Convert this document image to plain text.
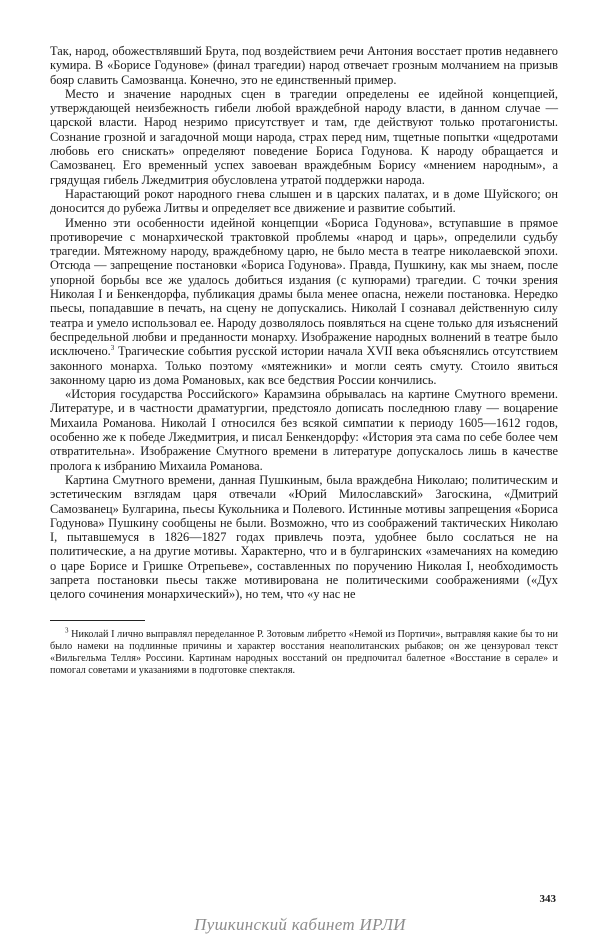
Так, народ, обожествлявший Брута, под воздействием речи Антония восстает против недавнего кумира. В «Борисе Годунове» (финал трагедии) народ отвечает грозным молчанием на призыв бояр славить Самозванца. Конечно, это не единственный пример.

Место и значение народных сцен в трагедии определены ее идейной концепцией, утверждающей неизбежность гибели любой враждебной народу власти, в данном случае — царской власти. Народ незримо присутствует и там, где действуют только протагонисты. Сознание грозной и загадочной мощи народа, страх перед ним, тщетные попытки «щедротами любовь его снискать» определяют поведение Бориса Годунова. К народу обращается и Самозванец. Его временный успех завоеван враждебным Борису «мнением народным», а грядущая гибель Лжедмитрия обусловлена утратой поддержки народа.

Нарастающий рокот народного гнева слышен и в царских палатах, и в доме Шуйского; он доносится до рубежа Литвы и определяет все движение и развитие событий.

Именно эти особенности идейной концепции «Бориса Годунова», вступавшие в прямое противоречие с монархической трактовкой проблемы «народ и царь», определили судьбу трагедии. Мятежному народу, враждебному царю, не было места в театре николаевской эпохи. Отсюда — запрещение постановки «Бориса Годунова». Правда, Пушкину, как мы знаем, после упорной борьбы все же удалось добиться издания (с купюрами) трагедии. С точки зрения Николая I и Бенкендорфа, публикация драмы была менее опасна, нежели постановка. Нередко пьесы, попадавшие в печать, на сцену не допускались. Николай I сознавал действенную силу театра и умело использовал ее. Народу дозволялось появляться на сцене только для изъяснений беспредельной любви и преданности монарху. Изображение народных волнений в театре было исключено.$^3$ Трагические события русской истории начала XVII века объяснялись отсутствием законного монарха. Только поэтому «мятежники» и могли сеять смуту. Стоило явиться законному царю из дома Романовых, как все бедствия России кончились.

«История государства Российского» Карамзина обрывалась на картине Смутного времени. Литературе, и в частности драматургии, предстояло дописать последнюю главу — воцарение Михаила Романова. Николай I относился без всякой симпатии к периоду 1605—1612 годов, особенно же к победе Лжедмитрия, и писал Бенкендорфу: «История эта сама по себе более чем отвратительна». Изображение Смутного времени в литературе допускалось лишь в качестве пролога к избранию Михаила Романова.

Картина Смутного времени, данная Пушкиным, была враждебна Николаю; политическим и эстетическим взглядам царя отвечали «Юрий Милославский» Загоскина, «Дмитрий Самозванец» Булгарина, пьесы Кукольника и Полевого. Истинные мотивы запрещения «Бориса Годунова» Пушкину сообщены не были. Возможно, что из соображений тактических Николаю I, пытавшемуся в 1826—1827 годах привлечь поэта, удобнее было сослаться не на политические, а на другие мотивы. Характерно, что и в булгаринских «замечаниях на комедию о царе Борисе и Гришке Отрепьеве», составленных по поручению Николая I, необходимость запрета постановки пьесы также мотивирована не политическими соображениями («Дух целого сочинения монархический»), но тем, что «у нас не

$^3$ Николай I лично выправлял переделанное Р. Зотовым либретто «Немой из Портичи», вытравляя какие бы то ни было намеки на подлинные причины и характер восстания неаполитанских рыбаков; он же цензуровал текст «Вильгельма Телля» Россини. Картинам народных восстаний он предпочитал балетное «Восстание в серале» и помогал советами и указаниями в подготовке спектакля.

343
Пушкинский кабинет ИРЛИ
